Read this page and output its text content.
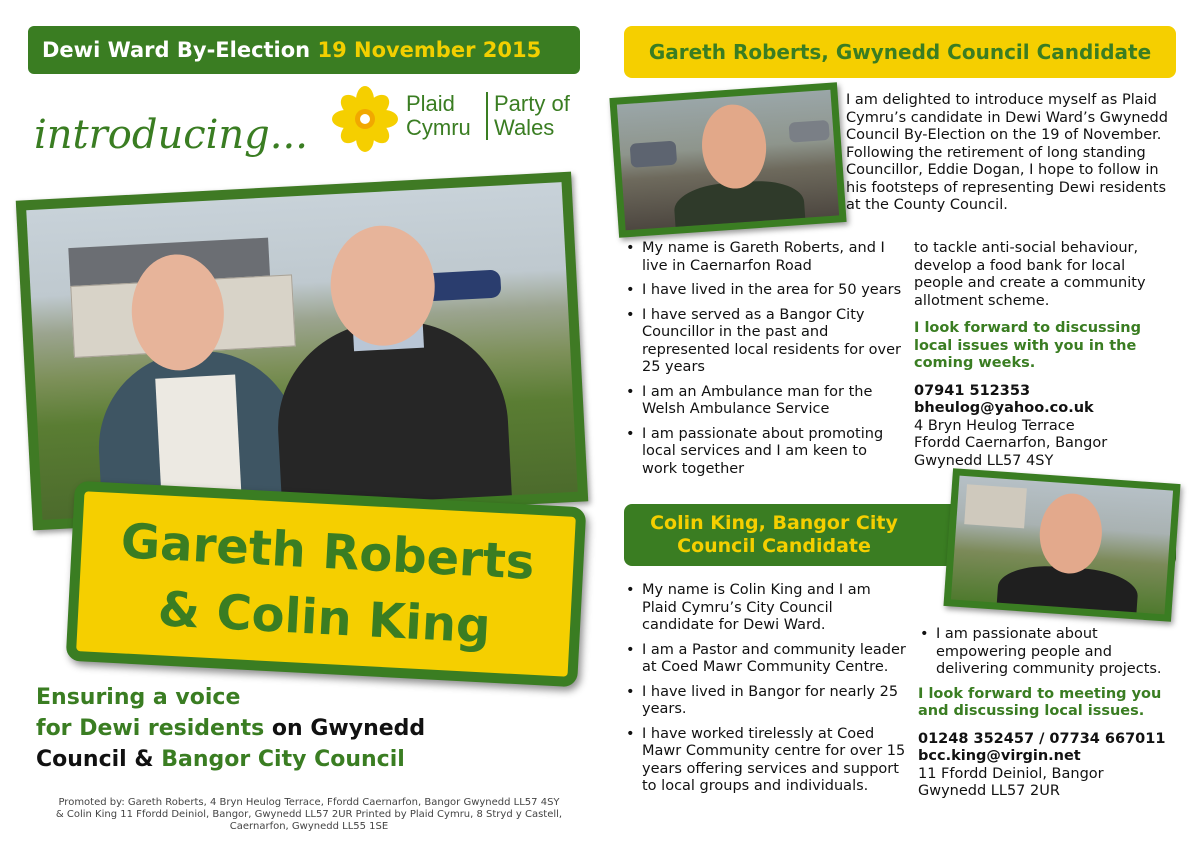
Dewi Ward By-Election 19 November 2015
introducing...
Plaid
Cymru
Party of
Wales
Gareth Roberts
& Colin King
Ensuring a voice
for Dewi residents on Gwynedd
Council & Bangor City Council
Promoted by: Gareth Roberts, 4 Bryn Heulog Terrace, Ffordd Caernarfon, Bangor Gwynedd LL57 4SY
& Colin King 11 Ffordd Deiniol, Bangor, Gwynedd LL57 2UR Printed by Plaid Cymru, 8 Stryd y Castell,
Caernarfon, Gwynedd LL55 1SE
Gareth Roberts, Gwynedd Council Candidate
I am delighted to introduce myself as Plaid Cymru’s candidate in Dewi Ward’s Gwynedd Council By-Election on the 19 of November. Following the retirement of long standing Councillor, Eddie Dogan, I hope to follow in his footsteps of representing Dewi residents at the County Council.
• My name is Gareth Roberts, and I live in Caernarfon Road
• I have lived in the area for 50 years
• I have served as a Bangor City Councillor in the past and represented local residents for over 25 years
• I am an Ambulance man for the Welsh Ambulance Service
• I am passionate about promoting local services and I am keen to work together

to tackle anti-social behaviour, develop a food bank for local people and create a community allotment scheme.

I look forward to discussing local issues with you in the coming weeks.
07941 512353
bheulog@yahoo.co.uk
4 Bryn Heulog Terrace
Ffordd Caernarfon, Bangor
Gwynedd LL57 4SY
Colin King, Bangor City
Council Candidate
• My name is Colin King and I am Plaid Cymru’s City Council candidate for Dewi Ward.
• I am a Pastor and community leader at Coed Mawr Community Centre.
• I have lived in Bangor for nearly 25 years.
• I have worked tirelessly at Coed Mawr Community centre for over 15 years offering services and support to local groups and individuals.
• I am passionate about empowering people and delivering community projects.
I look forward to meeting you and discussing local issues.
01248 352457 / 07734 667011
bcc.king@virgin.net
11 Ffordd Deiniol, Bangor
Gwynedd LL57 2UR
